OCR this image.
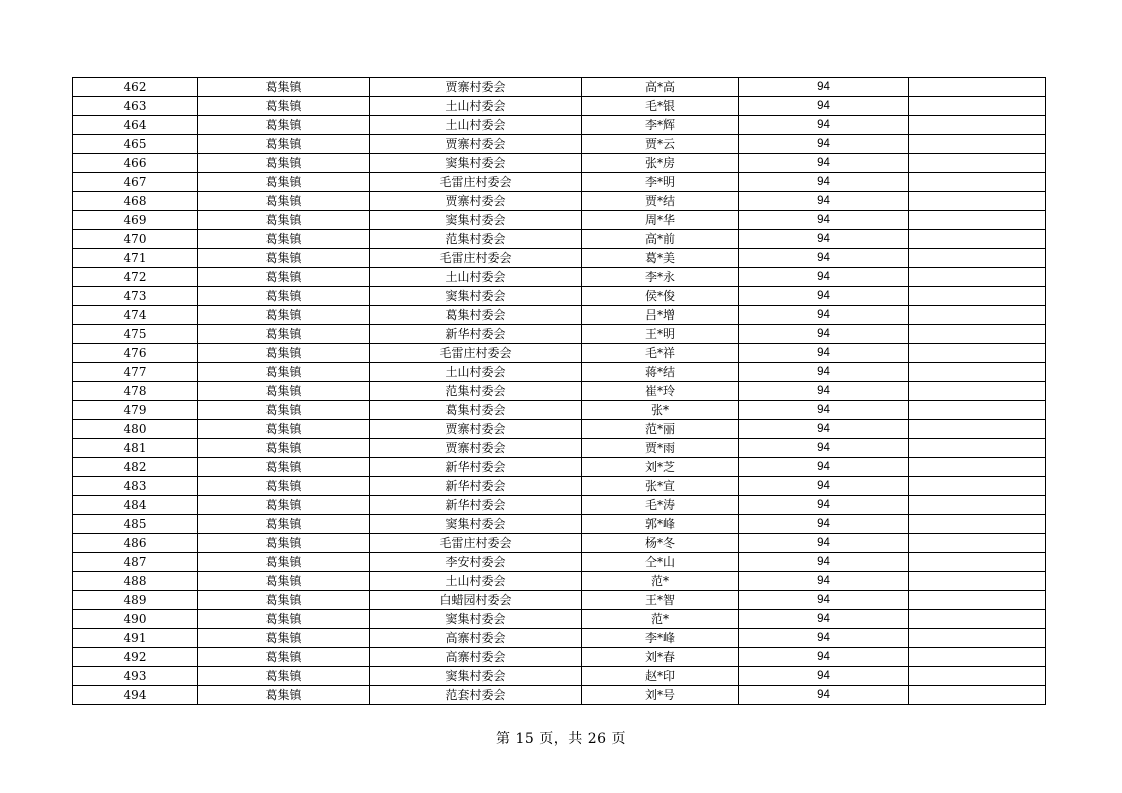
462	葛集镇	贾寨村委会	高*高	94	
463	葛集镇	土山村委会	毛*银	94	
464	葛集镇	土山村委会	李*辉	94	
465	葛集镇	贾寨村委会	贾*云	94	
466	葛集镇	窦集村委会	张*房	94	
467	葛集镇	毛雷庄村委会	李*明	94	
468	葛集镇	贾寨村委会	贾*结	94	
469	葛集镇	窦集村委会	周*华	94	
470	葛集镇	范集村委会	高*前	94	
471	葛集镇	毛雷庄村委会	葛*美	94	
472	葛集镇	土山村委会	李*永	94	
473	葛集镇	窦集村委会	侯*俊	94	
474	葛集镇	葛集村委会	吕*增	94	
475	葛集镇	新华村委会	王*明	94	
476	葛集镇	毛雷庄村委会	毛*祥	94	
477	葛集镇	土山村委会	蒋*结	94	
478	葛集镇	范集村委会	崔*玲	94	
479	葛集镇	葛集村委会	张*	94	
480	葛集镇	贾寨村委会	范*丽	94	
481	葛集镇	贾寨村委会	贾*雨	94	
482	葛集镇	新华村委会	刘*芝	94	
483	葛集镇	新华村委会	张*宣	94	
484	葛集镇	新华村委会	毛*涛	94	
485	葛集镇	窦集村委会	郭*峰	94	
486	葛集镇	毛雷庄村委会	杨*冬	94	
487	葛集镇	李安村委会	仝*山	94	
488	葛集镇	土山村委会	范*	94	
489	葛集镇	白蜡园村委会	王*智	94	
490	葛集镇	窦集村委会	范*	94	
491	葛集镇	高寨村委会	李*峰	94	
492	葛集镇	高寨村委会	刘*春	94	
493	葛集镇	窦集村委会	赵*印	94	
494	葛集镇	范套村委会	刘*号	94	
第 15 页，共 26 页
